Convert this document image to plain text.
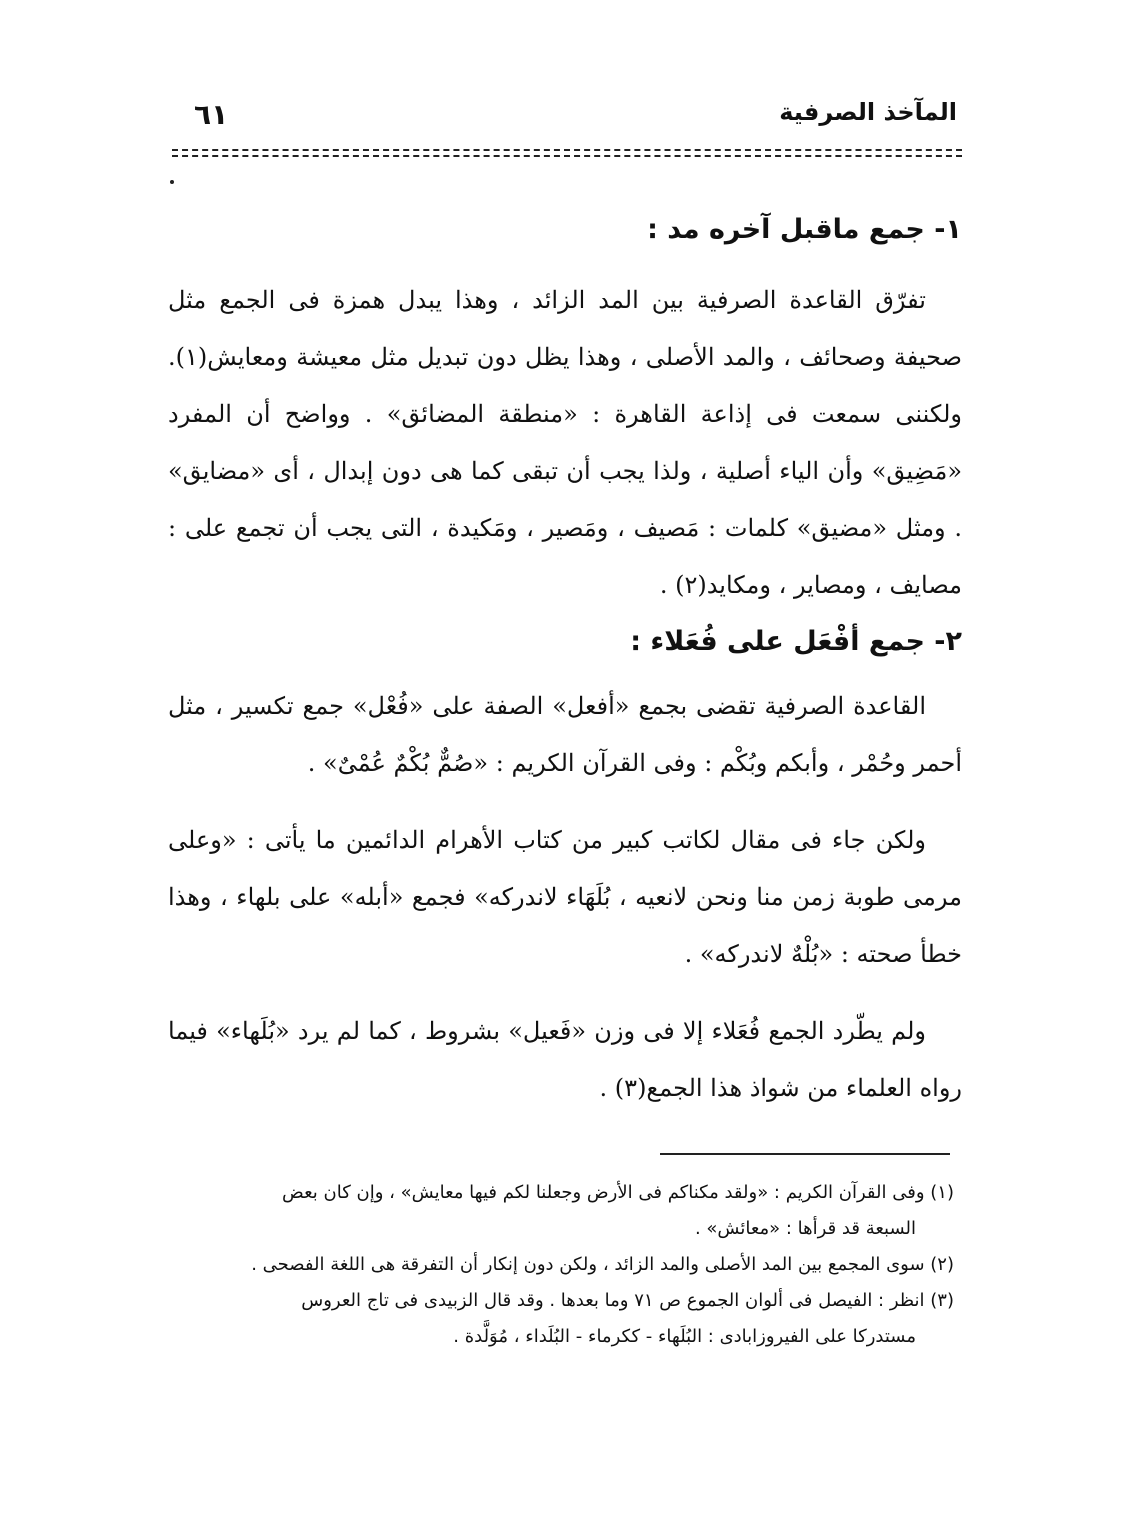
المآخذ الصرفية
٦١
١- جمع ماقبل آخره مد :

تفرّق القاعدة الصرفية بين المد الزائد ، وهذا يبدل همزة فى الجمع مثل صحيفة وصحائف ، والمد الأصلى ، وهذا يظل دون تبديل مثل معيشة ومعايش(١). ولكننى سمعت فى إذاعة القاهرة : «منطقة المضائق» . وواضح أن المفرد «مَضِيق» وأن الياء أصلية ، ولذا يجب أن تبقى كما هى دون إبدال ، أى «مضايق» . ومثل «مضيق» كلمات : مَصيف ، ومَصير ، ومَكيدة ، التى يجب أن تجمع على : مصايف ، ومصاير ، ومكايد(٢) .

٢- جمع أفْعَل على فُعَلاء :

القاعدة الصرفية تقضى بجمع «أفعل» الصفة على «فُعْل» جمع تكسير ، مثل أحمر وحُمْر ، وأبكم وبُكْم : وفى القرآن الكريم : «صُمٌّ بُكْمٌ عُمْىٌ» .

ولكن جاء فى مقال لكاتب كبير من كتاب الأهرام الدائمين ما يأتى : «وعلى مرمى طوبة زمن منا ونحن لانعيه ، بُلَهَاء لاندركه» فجمع «أبله» على بلهاء ، وهذا خطأ صحته : «بُلْهٌ لاندركه» .

ولم يطّرد الجمع فُعَلاء إلا فى وزن «فَعيل» بشروط ، كما لم يرد «بُلَهاء» فيما رواه العلماء من شواذ هذا الجمع(٣) .

(١) وفى القرآن الكريم : «ولقد مكناكم فى الأرض وجعلنا لكم فيها معايش» ، وإن كان بعض

السبعة قد قرأها : «معائش» .

(٢) سوى المجمع بين المد الأصلى والمد الزائد ، ولكن دون إنكار أن التفرقة هى اللغة الفصحى .

(٣) انظر : الفيصل فى ألوان الجموع ص ٧١ وما بعدها . وقد قال الزبيدى فى تاج العروس

مستدركا على الفيروزابادى : البُلَهاء - ككرماء - البُلَداء ، مُوَلَّدة .
